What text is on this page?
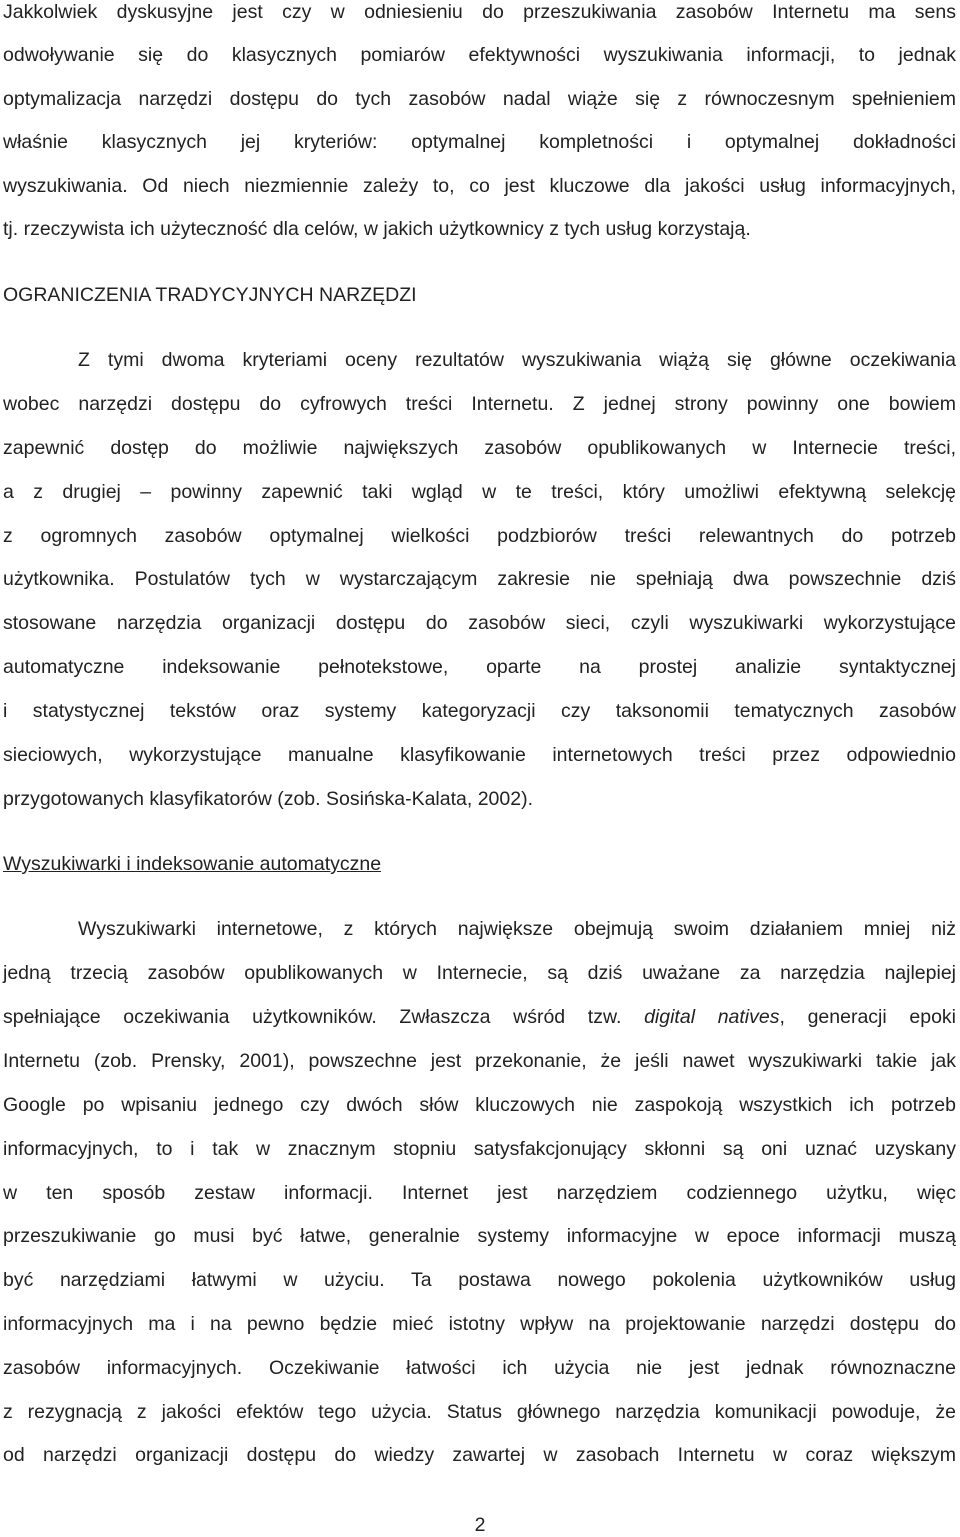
Jakkolwiek dyskusyjne jest czy w odniesieniu do przeszukiwania zasobów Internetu ma sens
odwoływanie się do klasycznych pomiarów efektywności wyszukiwania informacji, to jednak
optymalizacja narzędzi dostępu do tych zasobów nadal wiąże się z równoczesnym spełnieniem
właśnie klasycznych jej kryteriów: optymalnej kompletności i optymalnej dokładności
wyszukiwania. Od niech niezmiennie zależy to, co jest kluczowe dla jakości usług informacyjnych,
tj. rzeczywista ich użyteczność dla celów, w jakich użytkownicy z tych usług korzystają.
OGRANICZENIA TRADYCYJNYCH NARZĘDZI
Z tymi dwoma kryteriami oceny rezultatów wyszukiwania wiążą się główne oczekiwania
wobec narzędzi dostępu do cyfrowych treści Internetu. Z jednej strony powinny one bowiem
zapewnić dostęp do możliwie największych zasobów opublikowanych w Internecie treści,
a z drugiej – powinny zapewnić taki wgląd w te treści, który umożliwi efektywną selekcję
z ogromnych zasobów optymalnej wielkości podzbiorów treści relewantnych do potrzeb
użytkownika. Postulatów tych w wystarczającym zakresie nie spełniają dwa powszechnie dziś
stosowane narzędzia organizacji dostępu do zasobów sieci, czyli wyszukiwarki wykorzystujące
automatyczne indeksowanie pełnotekstowe, oparte na prostej analizie syntaktycznej
i statystycznej tekstów oraz systemy kategoryzacji czy taksonomii tematycznych zasobów
sieciowych, wykorzystujące manualne klasyfikowanie internetowych treści przez odpowiednio
przygotowanych klasyfikatorów (zob. Sosińska-Kalata, 2002).
Wyszukiwarki i indeksowanie automatyczne
Wyszukiwarki internetowe, z których największe obejmują swoim działaniem mniej niż
jedną trzecią zasobów opublikowanych w Internecie, są dziś uważane za narzędzia najlepiej
spełniające oczekiwania użytkowników. Zwłaszcza wśród tzw. digital natives, generacji epoki
Internetu (zob. Prensky, 2001), powszechne jest przekonanie, że jeśli nawet wyszukiwarki takie jak
Google po wpisaniu jednego czy dwóch słów kluczowych nie zaspokoją wszystkich ich potrzeb
informacyjnych, to i tak w znacznym stopniu satysfakcjonujący skłonni są oni uznać uzyskany
w ten sposób zestaw informacji. Internet jest narzędziem codziennego użytku, więc
przeszukiwanie go musi być łatwe, generalnie systemy informacyjne w epoce informacji muszą
być narzędziami łatwymi w użyciu. Ta postawa nowego pokolenia użytkowników usług
informacyjnych ma i na pewno będzie mieć istotny wpływ na projektowanie narzędzi dostępu do
zasobów informacyjnych. Oczekiwanie łatwości ich użycia nie jest jednak równoznaczne
z rezygnacją z jakości efektów tego użycia. Status głównego narzędzia komunikacji powoduje, że
od narzędzi organizacji dostępu do wiedzy zawartej w zasobach Internetu w coraz większym
2
